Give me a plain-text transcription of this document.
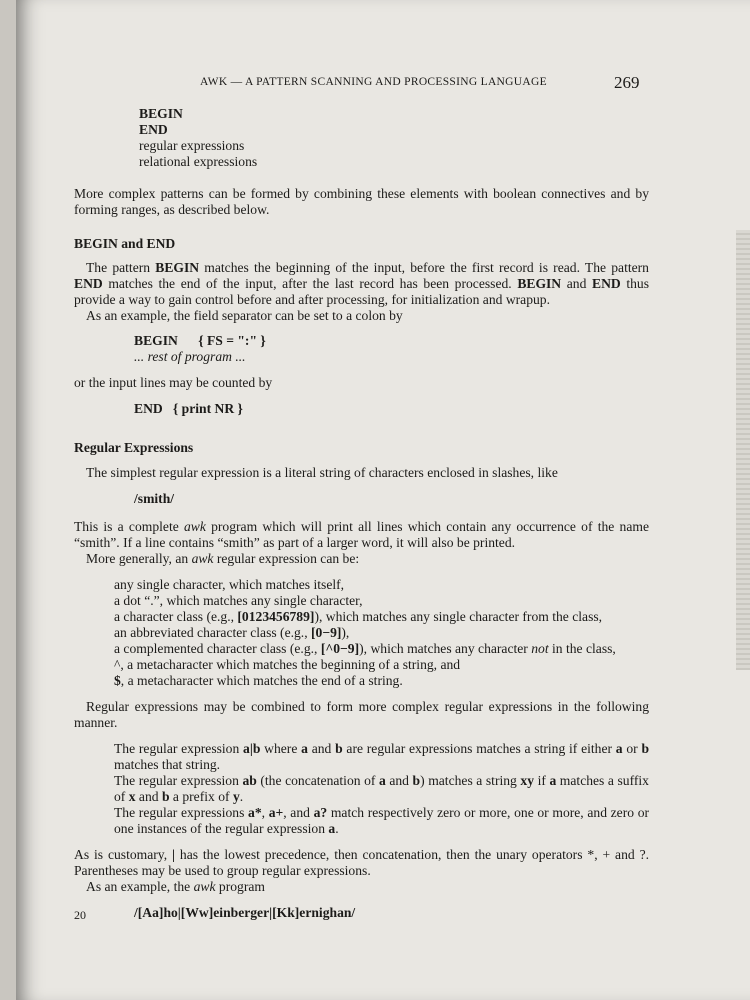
AWK — A PATTERN SCANNING AND PROCESSING LANGUAGE	269
BEGIN
END
regular expressions
relational expressions

More complex patterns can be formed by combining these elements with boolean connectives and by forming ranges, as described below.

BEGIN and END

The pattern BEGIN matches the beginning of the input, before the first record is read. The pattern END matches the end of the input, after the last record has been processed. BEGIN and END thus provide a way to gain control before and after processing, for initialization and wrapup.

As an example, the field separator can be set to a colon by

BEGIN      { FS = ":" }
... rest of program ...

or the input lines may be counted by

END   { print NR }
Regular Expressions

The simplest regular expression is a literal string of characters enclosed in slashes, like

/smith/

This is a complete awk program which will print all lines which contain any occurrence of the name “smith”. If a line contains “smith” as part of a larger word, it will also be printed.

More generally, an awk regular expression can be:

any single character, which matches itself,
a dot “.”, which matches any single character,
a character class (e.g., [0123456789]), which matches any single character from the class,
an abbreviated character class (e.g., [0−9]),
a complemented character class (e.g., [^0−9]), which matches any character not in the class,
^, a metacharacter which matches the beginning of a string, and
$, a metacharacter which matches the end of a string.

Regular expressions may be combined to form more complex regular expressions in the following manner.

The regular expression a|b where a and b are regular expressions matches a string if either a or b matches that string.

The regular expression ab (the concatenation of a and b) matches a string xy if a matches a suffix of x and b a prefix of y.

The regular expressions a*, a+, and a? match respectively zero or more, one or more, and zero or one instances of the regular expression a.

As is customary, | has the lowest precedence, then concatenation, then the unary operators *, + and ?. Parentheses may be used to group regular expressions.

As an example, the awk program

/[Aa]ho|[Ww]einberger|[Kk]ernighan/
20
